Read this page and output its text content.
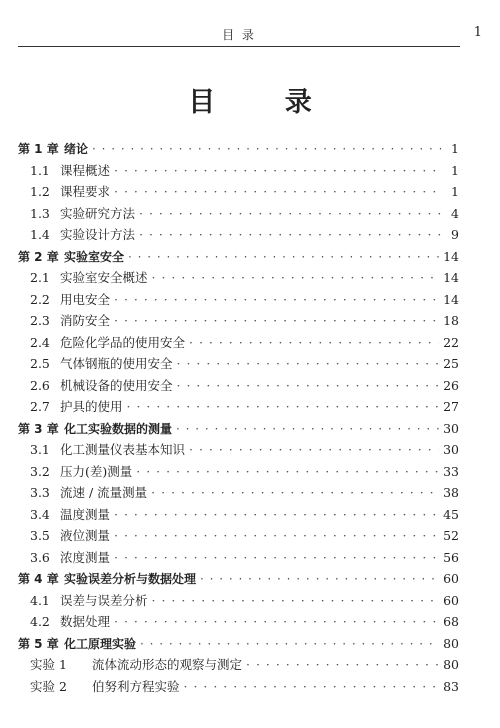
目 录	1
目 录
第 1 章 绪论 · · ·	1
1.1 课程概述 · · ·	1
1.2 课程要求 · · ·	1
1.3 实验研究方法 · · ·	4
1.4 实验设计方法 · · ·	9
第 2 章 实验室安全 · · ·	14
2.1 实验室安全概述 · · ·	14
2.2 用电安全 · · ·	14
2.3 消防安全 · · ·	18
2.4 危险化学品的使用安全 · · ·	22
2.5 气体钢瓶的使用安全 · · ·	25
2.6 机械设备的使用安全 · · ·	26
2.7 护具的使用 · · ·	27
第 3 章 化工实验数据的测量 · · ·	30
3.1 化工测量仪表基本知识 · · ·	30
3.2 压力(差)测量 · · ·	33
3.3 流速 / 流量测量 · · ·	38
3.4 温度测量 · · ·	45
3.5 液位测量 · · ·	52
3.6 浓度测量 · · ·	56
第 4 章 实验误差分析与数据处理 · · ·	60
4.1 误差与误差分析 · · ·	60
4.2 数据处理 · · ·	68
第 5 章 化工原理实验 · · ·	80
实验 1	流体流动形态的观察与测定 · · ·	80
实验 2	伯努利方程实验 · · ·	83
